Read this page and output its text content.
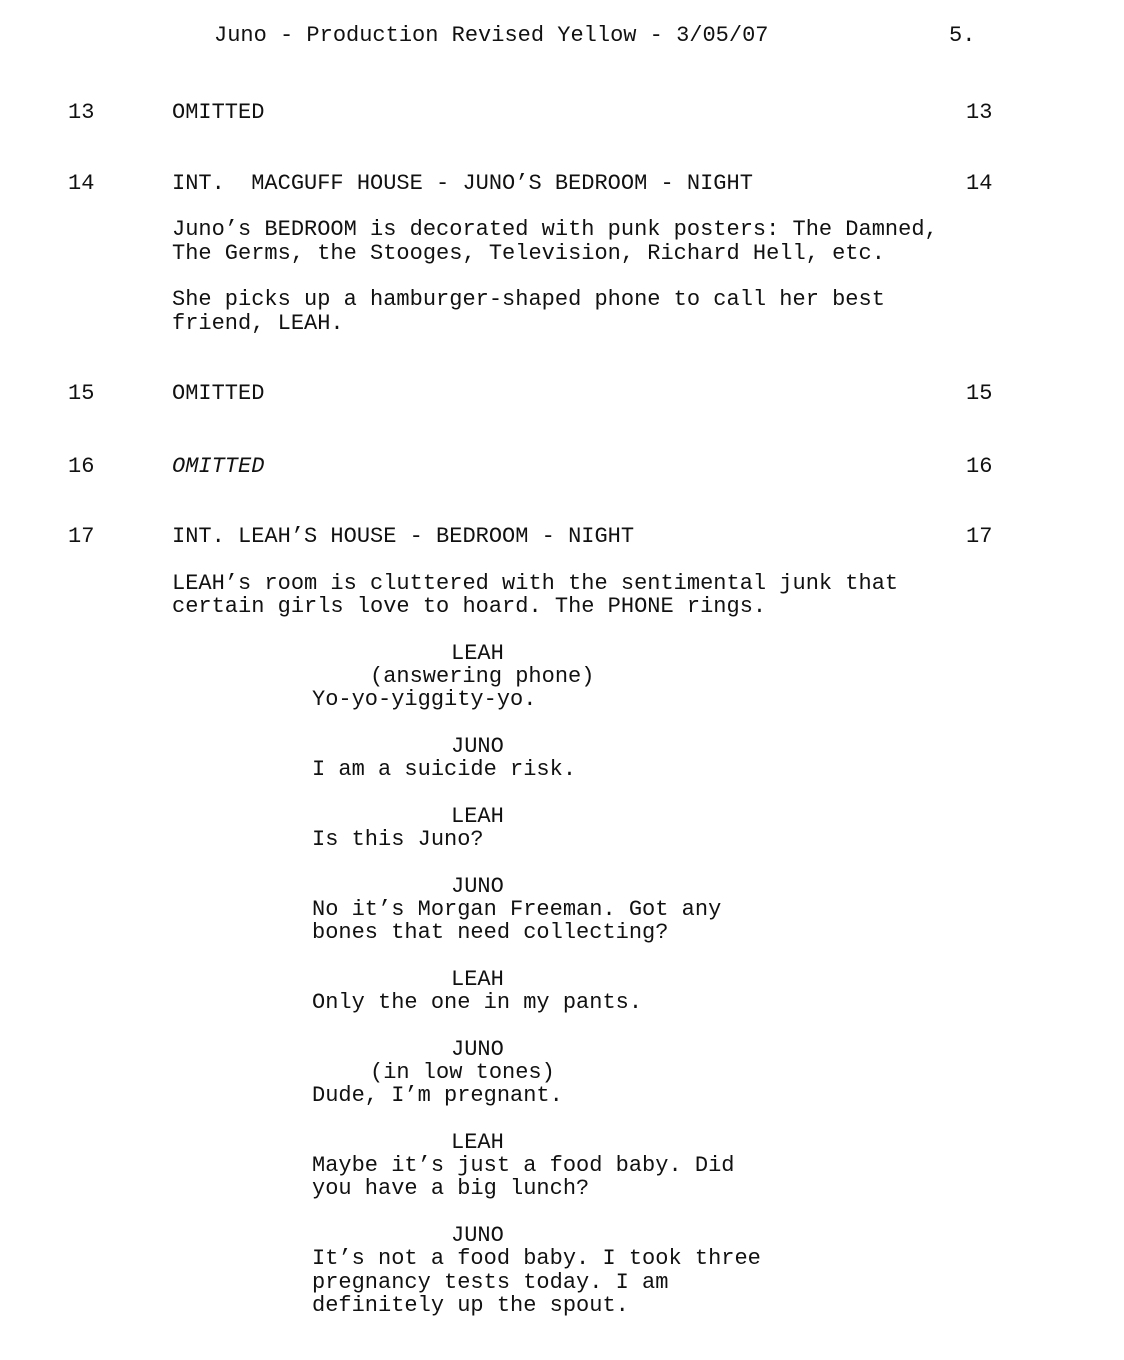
Juno - Production Revised Yellow - 3/05/07	5.
13	OMITTED	13
14	INT.  MACGUFF HOUSE - JUNO’S BEDROOM - NIGHT	14
Juno’s BEDROOM is decorated with punk posters: The Damned,
The Germs, the Stooges, Television, Richard Hell, etc.
She picks up a hamburger-shaped phone to call her best
friend, LEAH.
15	OMITTED	15
16	OMITTED	16
17	INT. LEAH’S HOUSE - BEDROOM - NIGHT	17
LEAH’s room is cluttered with the sentimental junk that
certain girls love to hoard. The PHONE rings.
LEAH
(answering phone)
Yo-yo-yiggity-yo.
JUNO
I am a suicide risk.
LEAH
Is this Juno?
JUNO
No it’s Morgan Freeman. Got any
bones that need collecting?
LEAH
Only the one in my pants.
JUNO
(in low tones)
Dude, I’m pregnant.
LEAH
Maybe it’s just a food baby. Did
you have a big lunch?
JUNO
It’s not a food baby. I took three
pregnancy tests today. I am
definitely up the spout.
